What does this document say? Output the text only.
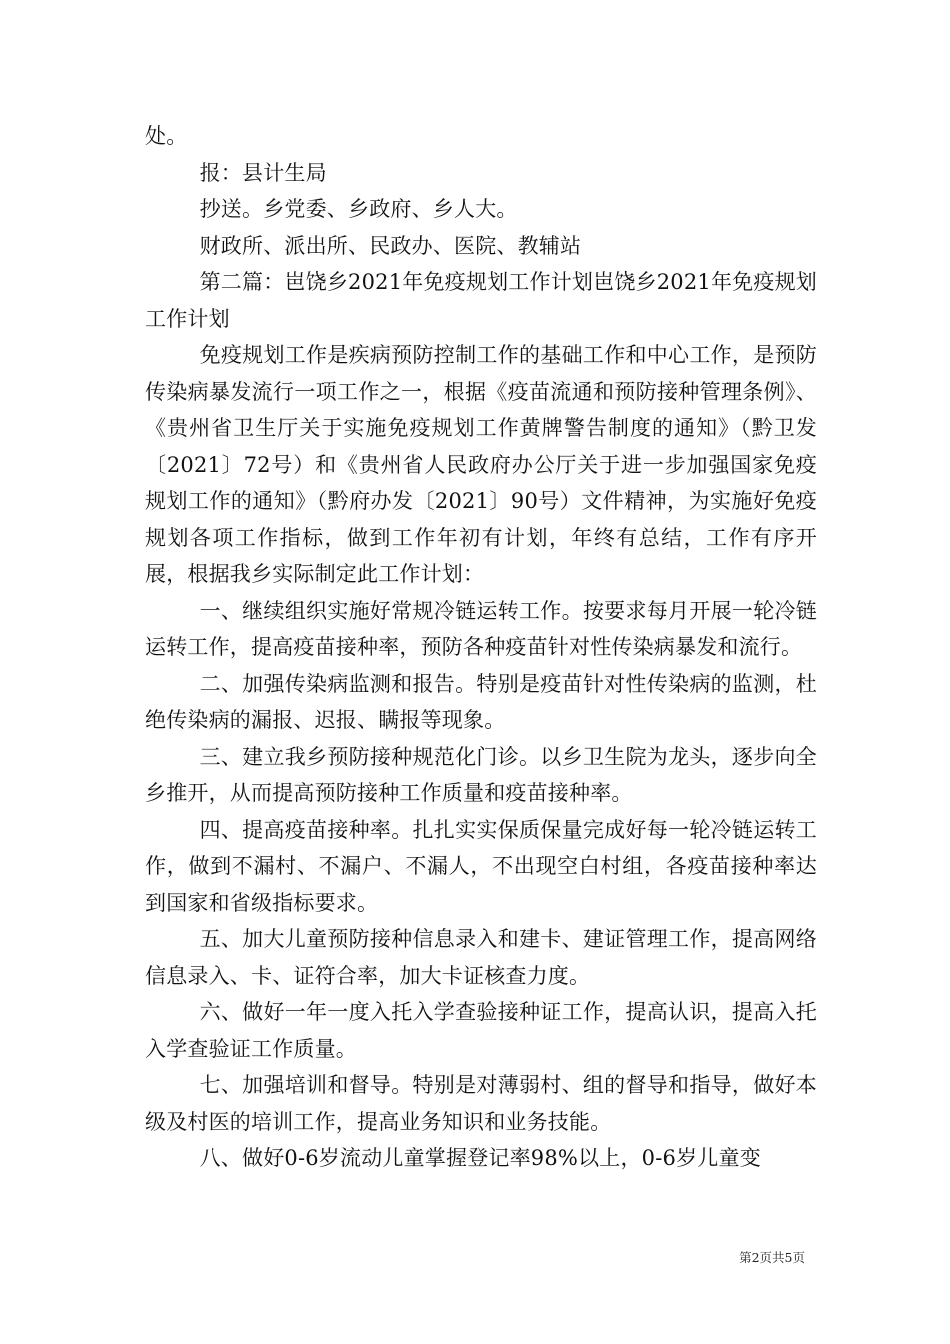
处。

报：县计生局

抄送。乡党委、乡政府、乡人大。

财政所、派出所、民政办、医院、教辅站

第二篇：岜饶乡2021年免疫规划工作计划岜饶乡2021年免疫规划工作计划

免疫规划工作是疾病预防控制工作的基础工作和中心工作，是预防传染病暴发流行一项工作之一，根据《疫苗流通和预防接种管理条例》、《贵州省卫生厅关于实施免疫规划工作黄牌警告制度的通知》（黔卫发〔2021〕72号）和《贵州省人民政府办公厅关于进一步加强国家免疫规划工作的通知》（黔府办发〔2021〕90号）文件精神，为实施好免疫规划各项工作指标，做到工作年初有计划，年终有总结，工作有序开展，根据我乡实际制定此工作计划：

一、继续组织实施好常规冷链运转工作。按要求每月开展一轮冷链运转工作，提高疫苗接种率，预防各种疫苗针对性传染病暴发和流行。

二、加强传染病监测和报告。特别是疫苗针对性传染病的监测，杜绝传染病的漏报、迟报、瞒报等现象。

三、建立我乡预防接种规范化门诊。以乡卫生院为龙头，逐步向全乡推开，从而提高预防接种工作质量和疫苗接种率。

四、提高疫苗接种率。扎扎实实保质保量完成好每一轮冷链运转工作，做到不漏村、不漏户、不漏人，不出现空白村组，各疫苗接种率达到国家和省级指标要求。

五、加大儿童预防接种信息录入和建卡、建证管理工作，提高网络信息录入、卡、证符合率，加大卡证核查力度。

六、做好一年一度入托入学查验接种证工作，提高认识，提高入托入学查验证工作质量。

七、加强培训和督导。特别是对薄弱村、组的督导和指导，做好本级及村医的培训工作，提高业务知识和业务技能。

八、做好0-6岁流动儿童掌握登记率98%以上，0-6岁儿童变

第2页共5页
